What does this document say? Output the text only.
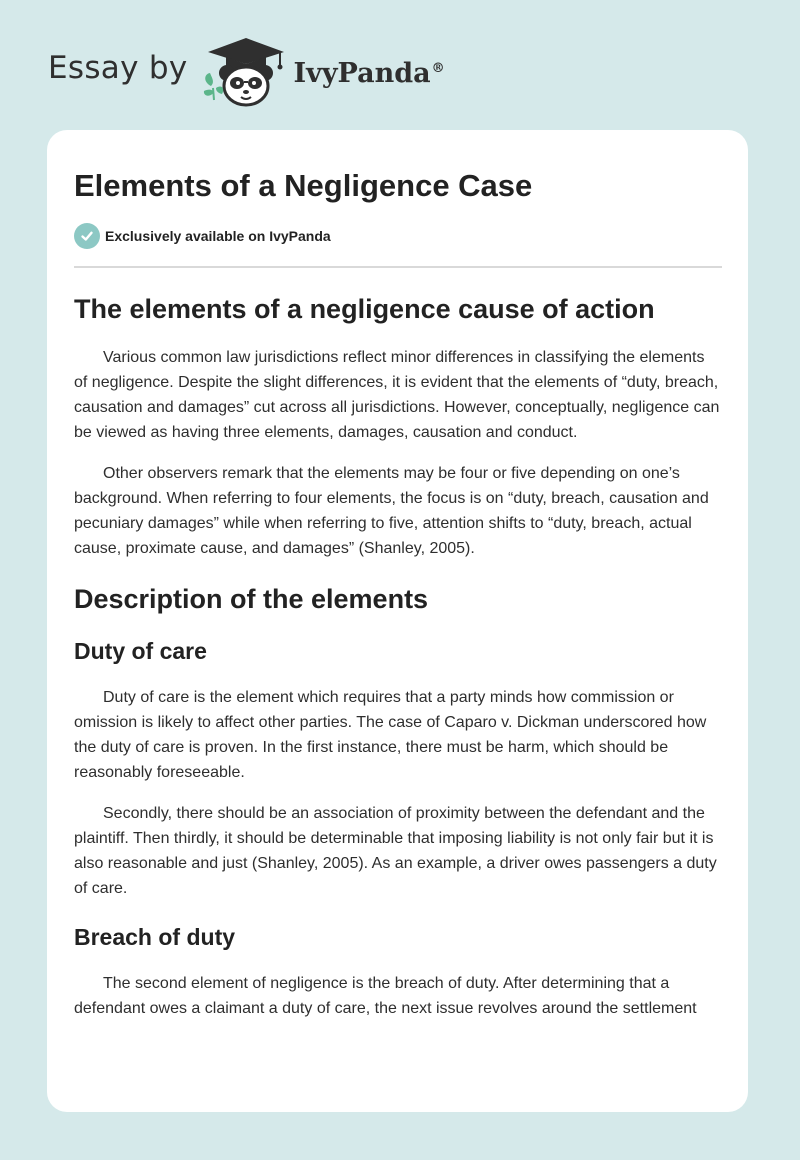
Essay by	IvyPanda®
Elements of a Negligence Case
Exclusively available on IvyPanda
The elements of a negligence cause of action

Various common law jurisdictions reflect minor differences in classifying the elements of negligence. Despite the slight differences, it is evident that the elements of “duty, breach, causation and damages” cut across all jurisdictions. However, conceptually, negligence can be viewed as having three elements, damages, causation and conduct.

Other observers remark that the elements may be four or five depending on one’s background. When referring to four elements, the focus is on “duty, breach, causation and pecuniary damages” while when referring to five, attention shifts to “duty, breach, actual cause, proximate cause, and damages” (Shanley, 2005).

Description of the elements
Duty of care

Duty of care is the element which requires that a party minds how commission or omission is likely to affect other parties. The case of Caparo v. Dickman underscored how the duty of care is proven. In the first instance, there must be harm, which should be reasonably foreseeable.

Secondly, there should be an association of proximity between the defendant and the plaintiff. Then thirdly, it should be determinable that imposing liability is not only fair but it is also reasonable and just (Shanley, 2005). As an example, a driver owes passengers a duty of care.

Breach of duty

The second element of negligence is the breach of duty. After determining that a defendant owes a claimant a duty of care, the next issue revolves around the settlement
